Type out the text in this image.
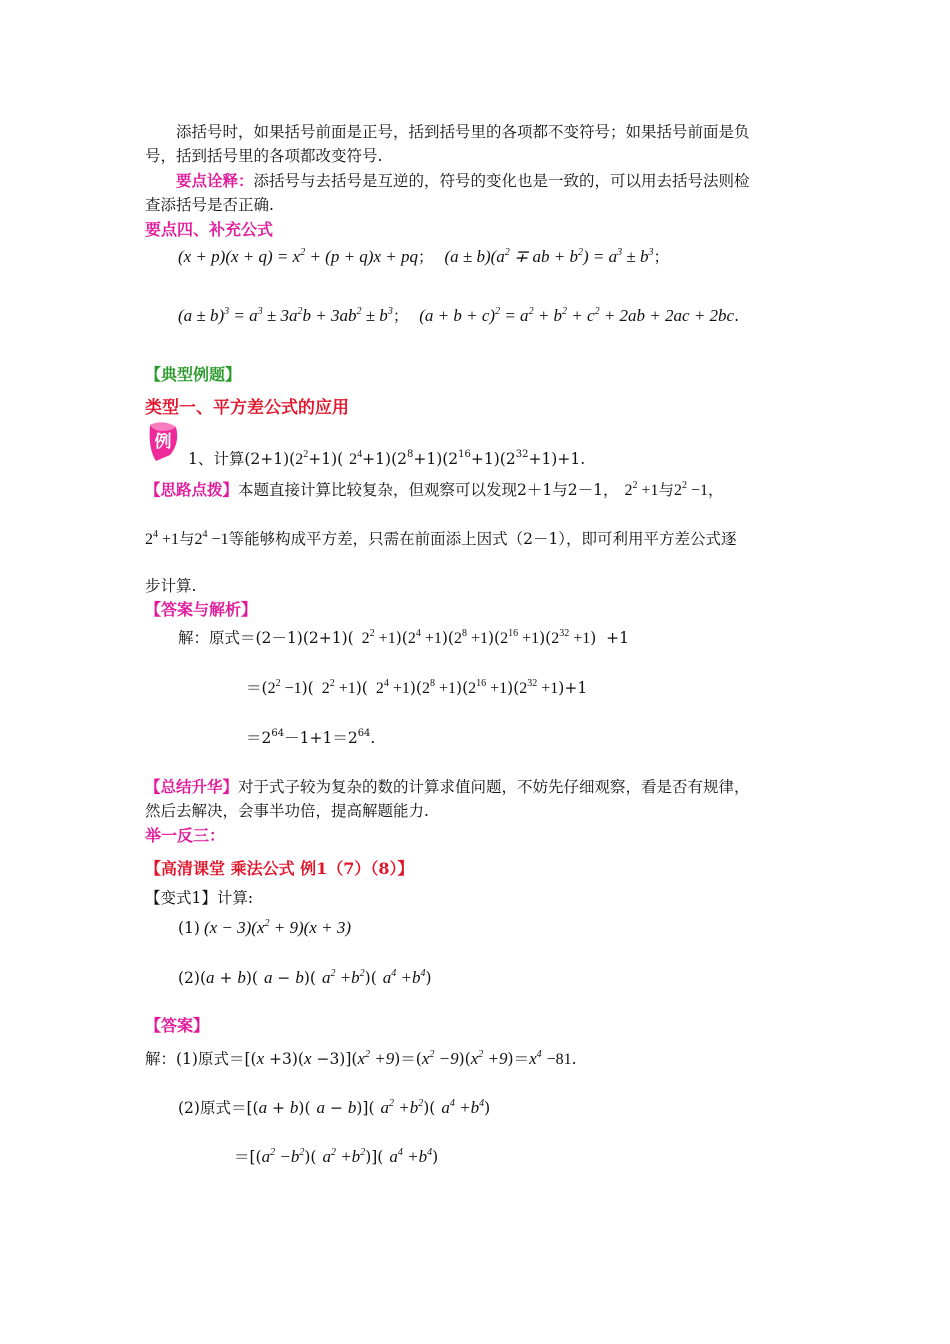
添括号时，如果括号前面是正号，括到括号里的各项都不变符号；如果括号前面是负
号，括到括号里的各项都改变符号.
要点诠释：添括号与去括号是互逆的，符号的变化也是一致的，可以用去括号法则检
查添括号是否正确.
要点四、补充公式
$(x + p)(x + q) = x^2 + (p + q)x$ + pq； $(a \pm b)(a^2$ ∓ ab + $b^2) = a^3 \pm b^3$；
$(a \pm b)^3 = a^3 \pm 3a^2b + 3ab^2 \pm b^3$； $(a + b + c)^2 = a^2 + b^2 + c^2 + 2ab + 2ac + 2bc$.
【典型例题】
类型一、平方差公式的应用
例
1、计算$(2+1)(2^2+1)$( $2^4+1)(2^8+1)(2^{16}+1)(2^{32}+1)+1$.
【思路点拨】本题直接计算比较复杂，但观察可以发现2＋1与2－1， $2^2 +1$与$2^2 -1$，
$2^4 +1$与$2^4 -1$等能够构成平方差，只需在前面添上因式（2－1），即可利用平方差公式逐
步计算.
【答案与解析】
解：原式＝(2－1)(2+1)( $2^2 +1)(2^4 +1)(2^8 +1)(2^{16} +1)(2^{32} +1) +1$
$=(2^2 -1)$( $2^2 +1$)( $2^4 +1)(2^8 +1)(2^{16} +1)(2^{32} +1)+1$
$=2^{64}-1+1=2^{64}$.
【总结升华】对于式子较为复杂的数的计算求值问题，不妨先仔细观察，看是否有规律，
然后去解决，会事半功倍，提高解题能力.
举一反三：
【高清课堂 乘法公式 例1（7）（8）】
【变式1】计算:
(1) $(x - 3)(x^2 + 9)(x + 3)$
(2)(a + b)( a − b)( $a^2 +b^2$)( $a^4 +b^4$)
【答案】
解：(1)原式$=[(x +3)(x -3)](x^2 +9)=(x^2 -9)(x^2 +9)=x^4 -81$.
(2)原式＝[(a + b)( a − b)]( $a^2 +b^2$)( $a^4 +b^4$)
$=[(a^2 -b^2)$( $a^2 +b^2$)]( $a^4 +b^4$)
